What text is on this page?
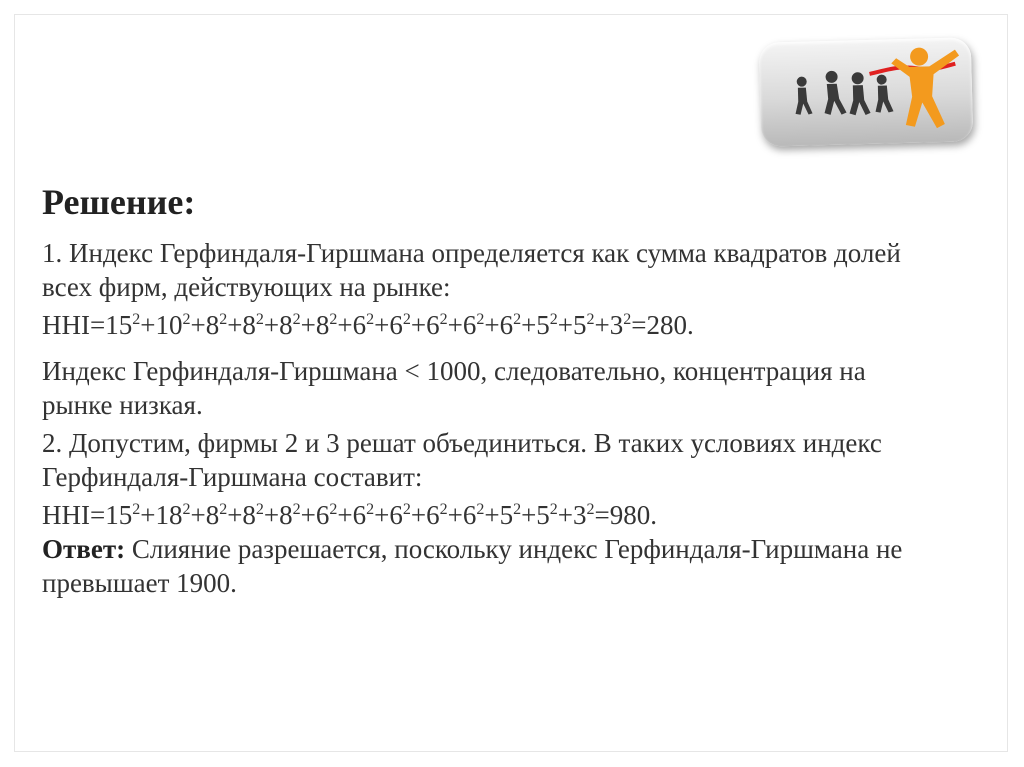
Решение:

1. Индекс Герфиндаля-Гиршмана определяется как сумма квадратов долей всех фирм, действующих на рынке:

$HHI=15^2+10^2+8^2+8^2+8^2+8^2+6^2+6^2+6^2+6^2+6^2+5^2+5^2+3^2=280$.

Индекс Герфиндаля-Гиршмана < 1000, следовательно, концентрация на рынке низкая.

2. Допустим, фирмы 2 и 3 решат объединиться. В таких условиях индекс Герфиндаля-Гиршмана составит:

$HHI=15^2+18^2+8^2+8^2+8^2+6^2+6^2+6^2+6^2+6^2+5^2+5^2+3^2=980$.

Ответ: Слияние разрешается, поскольку индекс Герфиндаля-Гиршмана не превышает 1900.
